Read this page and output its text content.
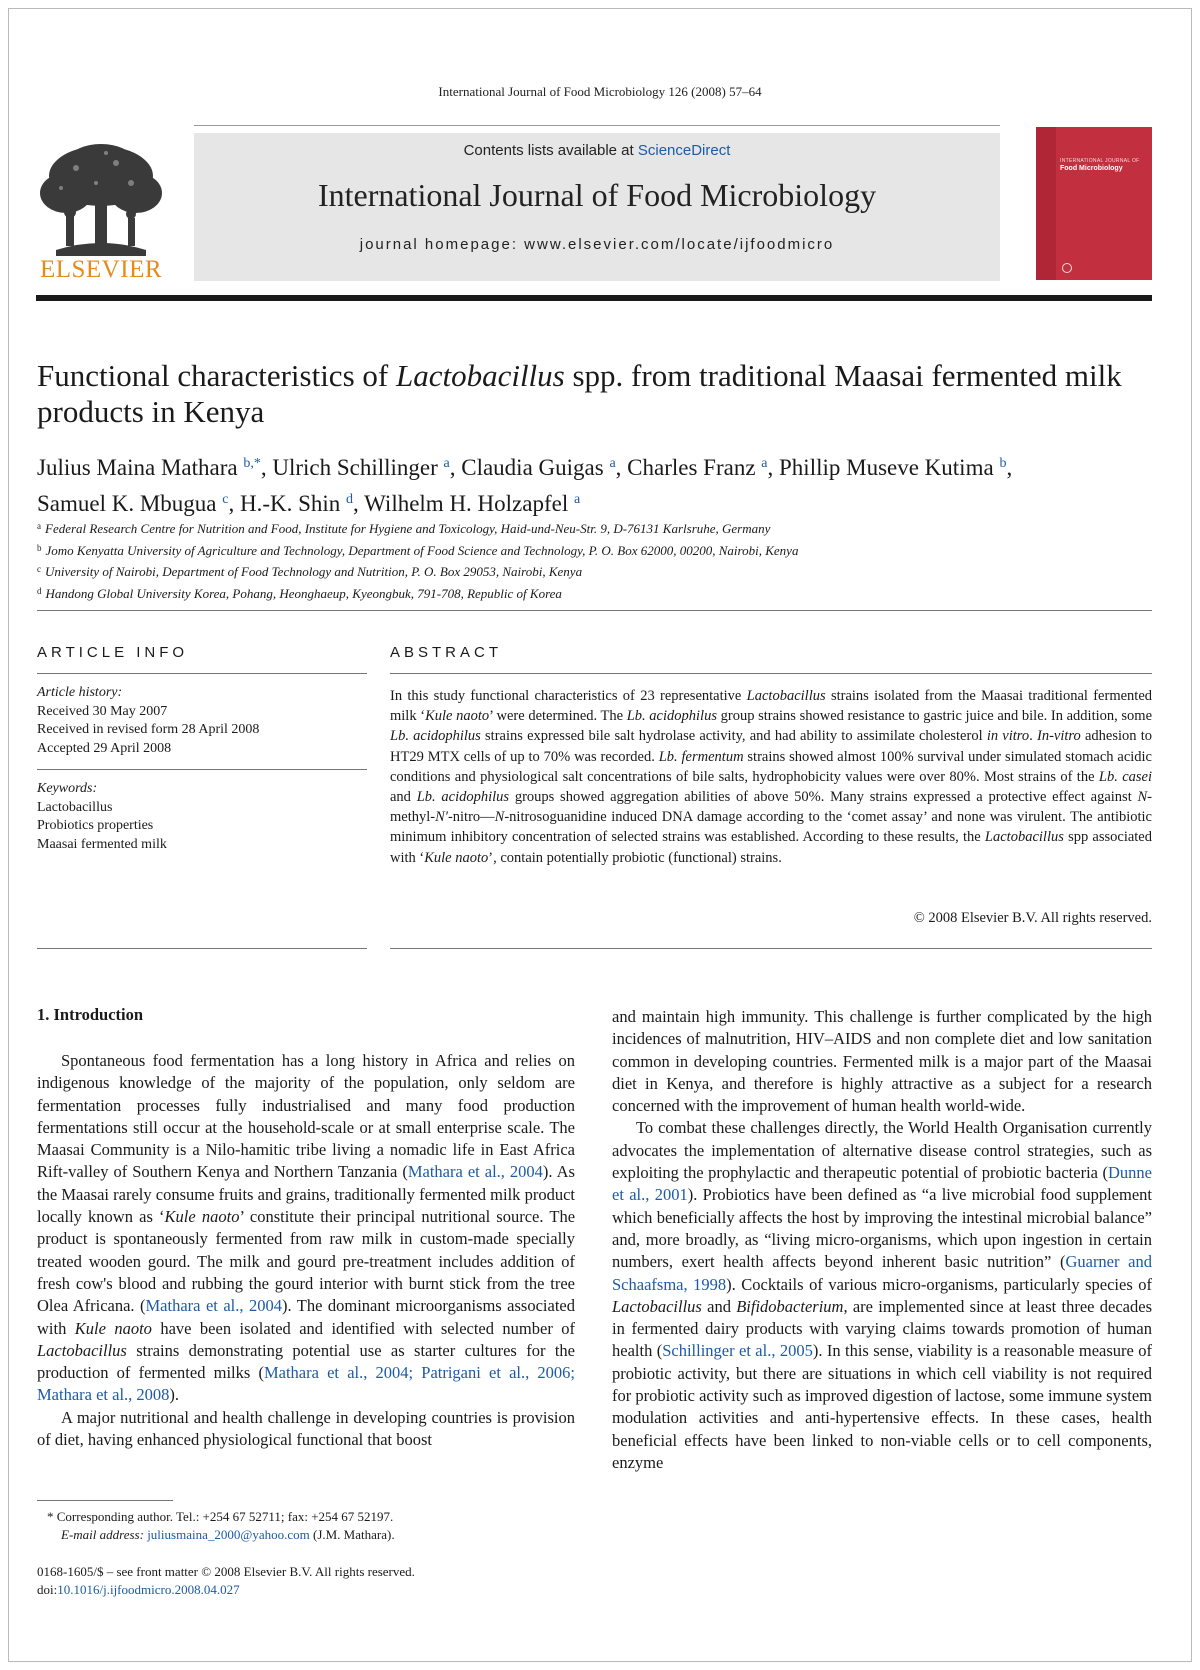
International Journal of Food Microbiology 126 (2008) 57–64
ELSEVIER
Contents lists available at ScienceDirect
International Journal of Food Microbiology
journal homepage: www.elsevier.com/locate/ijfoodmicro
INTERNATIONAL JOURNAL OF
Food Microbiology
Functional characteristics of Lactobacillus spp. from traditional Maasai fermented milk products in Kenya
Julius Maina Mathara $^{b,*}$, Ulrich Schillinger $^a$, Claudia Guigas $^a$, Charles Franz $^a$, Phillip Museve Kutima $^b$,
Samuel K. Mbugua $^c$, H.-K. Shin $^d$, Wilhelm H. Holzapfel $^a$
$^a$ Federal Research Centre for Nutrition and Food, Institute for Hygiene and Toxicology, Haid-und-Neu-Str. 9, D-76131 Karlsruhe, Germany
$^b$ Jomo Kenyatta University of Agriculture and Technology, Department of Food Science and Technology, P. O. Box 62000, 00200, Nairobi, Kenya
$^c$ University of Nairobi, Department of Food Technology and Nutrition, P. O. Box 29053, Nairobi, Kenya
$^d$ Handong Global University Korea, Pohang, Heonghaeup, Kyeongbuk, 791-708, Republic of Korea
ARTICLE INFO
Article history:
Received 30 May 2007
Received in revised form 28 April 2008
Accepted 29 April 2008
Keywords:
Lactobacillus
Probiotics properties
Maasai fermented milk
ABSTRACT
In this study functional characteristics of 23 representative Lactobacillus strains isolated from the Maasai traditional fermented milk ‘Kule naoto’ were determined. The Lb. acidophilus group strains showed resistance to gastric juice and bile. In addition, some Lb. acidophilus strains expressed bile salt hydrolase activity, and had ability to assimilate cholesterol in vitro. In-vitro adhesion to HT29 MTX cells of up to 70% was recorded. Lb. fermentum strains showed almost 100% survival under simulated stomach acidic conditions and physiological salt concentrations of bile salts, hydrophobicity values were over 80%. Most strains of the Lb. casei and Lb. acidophilus groups showed aggregation abilities of above 50%. Many strains expressed a protective effect against N-methyl-N′-nitro—N-nitrosoguanidine induced DNA damage according to the ‘comet assay’ and none was virulent. The antibiotic minimum inhibitory concentration of selected strains was established. According to these results, the Lactobacillus spp associated with ‘Kule naoto’, contain potentially probiotic (functional) strains.
© 2008 Elsevier B.V. All rights reserved.
1. Introduction

Spontaneous food fermentation has a long history in Africa and relies on indigenous knowledge of the majority of the population, only seldom are fermentation processes fully industrialised and many food production fermentations still occur at the household-scale or at small enterprise scale. The Maasai Community is a Nilo-hamitic tribe living a nomadic life in East Africa Rift-valley of Southern Kenya and Northern Tanzania (Mathara et al., 2004). As the Maasai rarely consume fruits and grains, traditionally fermented milk product locally known as ‘Kule naoto’ constitute their principal nutritional source. The product is spontaneously fermented from raw milk in custom-made specially treated wooden gourd. The milk and gourd pre-treatment includes addition of fresh cow's blood and rubbing the gourd interior with burnt stick from the tree Olea Africana. (Mathara et al., 2004). The dominant microorganisms associated with Kule naoto have been isolated and identified with selected number of Lactobacillus strains demonstrating potential use as starter cultures for the production of fermented milks (Mathara et al., 2004; Patrigani et al., 2006; Mathara et al., 2008).

A major nutritional and health challenge in developing countries is provision of diet, having enhanced physiological functional that boost

and maintain high immunity. This challenge is further complicated by the high incidences of malnutrition, HIV–AIDS and non complete diet and low sanitation common in developing countries. Fermented milk is a major part of the Maasai diet in Kenya, and therefore is highly attractive as a subject for a research concerned with the improvement of human health world-wide.

To combat these challenges directly, the World Health Organisation currently advocates the implementation of alternative disease control strategies, such as exploiting the prophylactic and therapeutic potential of probiotic bacteria (Dunne et al., 2001). Probiotics have been defined as “a live microbial food supplement which beneficially affects the host by improving the intestinal microbial balance” and, more broadly, as “living micro-organisms, which upon ingestion in certain numbers, exert health affects beyond inherent basic nutrition” (Guarner and Schaafsma, 1998). Cocktails of various micro-organisms, particularly species of Lactobacillus and Bifidobacterium, are implemented since at least three decades in fermented dairy products with varying claims towards promotion of human health (Schillinger et al., 2005). In this sense, viability is a reasonable measure of probiotic activity, but there are situations in which cell viability is not required for probiotic activity such as improved digestion of lactose, some immune system modulation activities and anti-hypertensive effects. In these cases, health beneficial effects have been linked to non-viable cells or to cell components, enzyme

* Corresponding author. Tel.: +254 67 52711; fax: +254 67 52197.
E-mail address: juliusmaina_2000@yahoo.com (J.M. Mathara).
0168-1605/$ – see front matter © 2008 Elsevier B.V. All rights reserved.
doi:10.1016/j.ijfoodmicro.2008.04.027
